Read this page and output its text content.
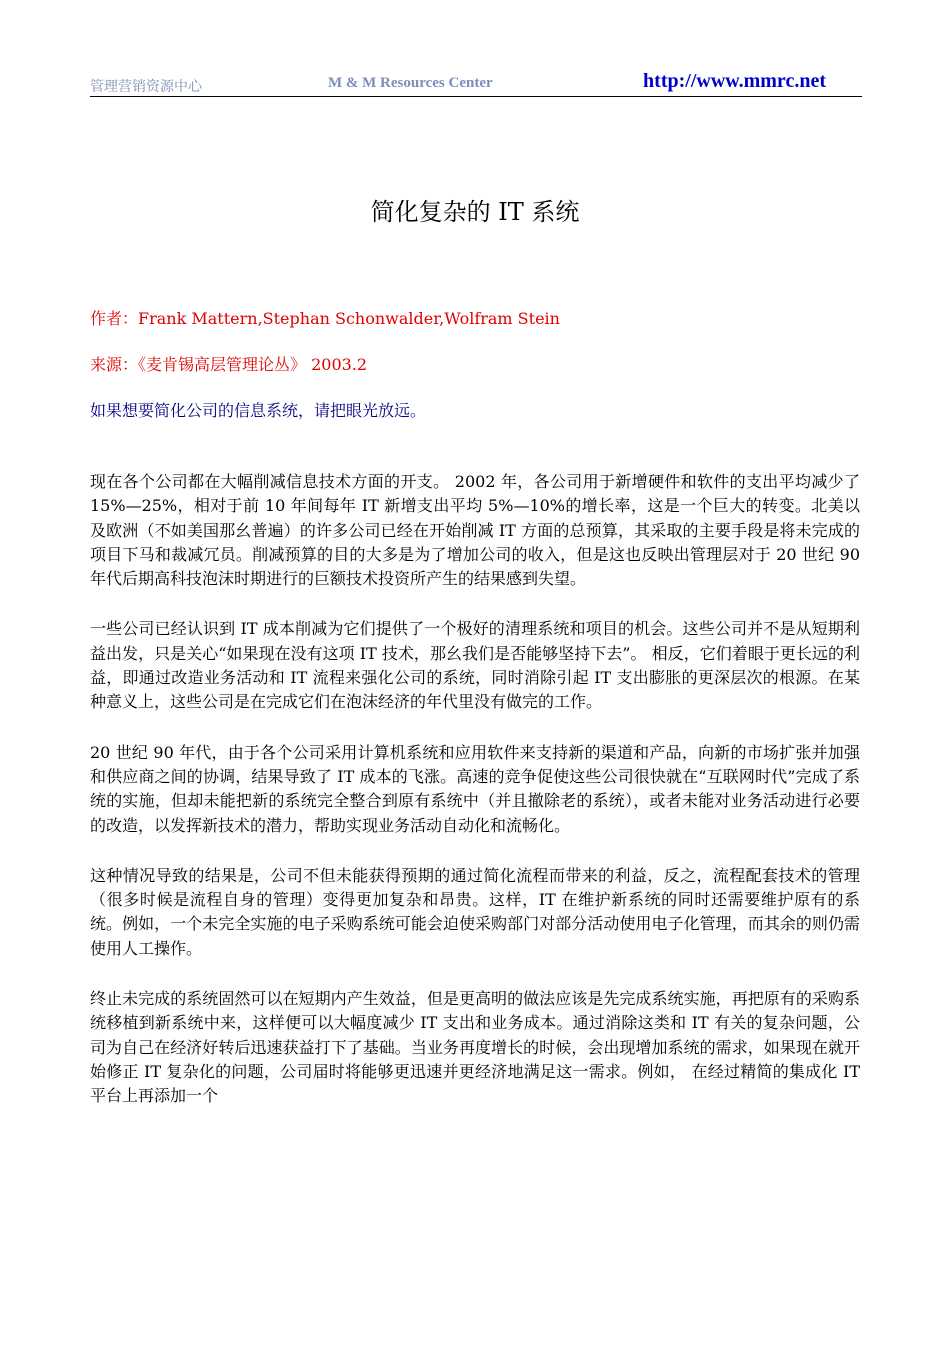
管理营销资源中心	M & M Resources Center	http://www.mmrc.net
简化复杂的 IT 系统
作者：Frank Mattern,Stephan Schonwalder,Wolfram Stein
来源：《麦肯锡高层管理论丛》 2003.2
如果想要简化公司的信息系统，请把眼光放远。

现在各个公司都在大幅削减信息技术方面的开支。 2002 年，各公司用于新增硬件和软件的支出平均减少了 15%—25%，相对于前 10 年间每年 IT 新增支出平均 5%—10%的增长率，这是一个巨大的转变。北美以及欧洲（不如美国那幺普遍）的许多公司已经在开始削减 IT 方面的总预算，其采取的主要手段是将未完成的项目下马和裁减冗员。削减预算的目的大多是为了增加公司的收入，但是这也反映出管理层对于 20 世纪 90 年代后期高科技泡沫时期进行的巨额技术投资所产生的结果感到失望。

一些公司已经认识到 IT 成本削减为它们提供了一个极好的清理系统和项目的机会。这些公司并不是从短期利益出发，只是关心“如果现在没有这项 IT 技术，那幺我们是否能够坚持下去”。 相反，它们着眼于更长远的利益，即通过改造业务活动和 IT 流程来强化公司的系统，同时消除引起 IT 支出膨胀的更深层次的根源。在某种意义上，这些公司是在完成它们在泡沫经济的年代里没有做完的工作。

20 世纪 90 年代，由于各个公司采用计算机系统和应用软件来支持新的渠道和产品，向新的市场扩张并加强和供应商之间的协调，结果导致了 IT 成本的飞涨。高速的竞争促使这些公司很快就在“互联网时代”完成了系统的实施，但却未能把新的系统完全整合到原有系统中（并且撤除老的系统），或者未能对业务活动进行必要的改造，以发挥新技术的潜力，帮助实现业务活动自动化和流畅化。

这种情况导致的结果是，公司不但未能获得预期的通过简化流程而带来的利益，反之，流程配套技术的管理（很多时候是流程自身的管理）变得更加复杂和昂贵。这样，IT 在维护新系统的同时还需要维护原有的系统。例如，一个未完全实施的电子采购系统可能会迫使采购部门对部分活动使用电子化管理，而其余的则仍需使用人工操作。

终止未完成的系统固然可以在短期内产生效益，但是更高明的做法应该是先完成系统实施，再把原有的采购系统移植到新系统中来，这样便可以大幅度减少 IT 支出和业务成本。通过消除这类和 IT 有关的复杂问题，公司为自己在经济好转后迅速获益打下了基础。当业务再度增长的时候，会出现增加系统的需求，如果现在就开始修正 IT 复杂化的问题，公司届时将能够更迅速并更经济地满足这一需求。例如， 在经过精简的集成化 IT 平台上再添加一个
